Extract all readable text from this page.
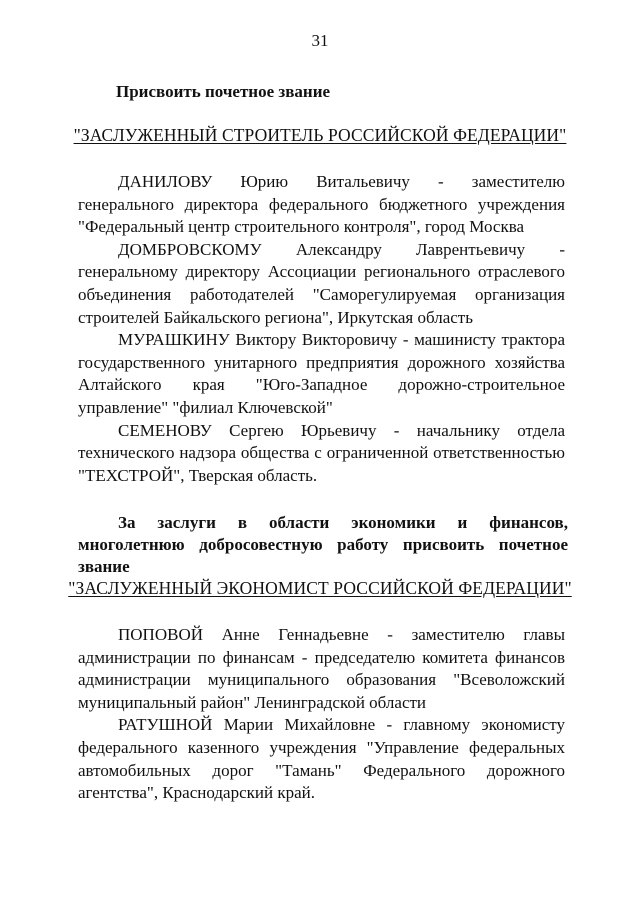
31
Присвоить почетное звание
"ЗАСЛУЖЕННЫЙ СТРОИТЕЛЬ РОССИЙСКОЙ ФЕДЕРАЦИИ"

ДАНИЛОВУ Юрию Витальевичу - заместителю генерального директора федерального бюджетного учреждения "Федеральный центр строительного контроля", город Москва

ДОМБРОВСКОМУ Александру Лаврентьевичу - генеральному директору Ассоциации регионального отраслевого объединения работодателей "Саморегулируемая организация строителей Байкальского региона", Иркутская область

МУРАШКИНУ Виктору Викторовичу - машинисту трактора государственного унитарного предприятия дорожного хозяйства Алтайского края "Юго-Западное дорожно-строительное управление" "филиал Ключевской"

СЕМЕНОВУ Сергею Юрьевичу - начальнику отдела технического надзора общества с ограниченной ответственностью "ТЕХСТРОЙ", Тверская область.

За заслуги в области экономики и финансов, многолетнюю добросовестную работу присвоить почетное звание

"ЗАСЛУЖЕННЫЙ ЭКОНОМИСТ РОССИЙСКОЙ ФЕДЕРАЦИИ"

ПОПОВОЙ Анне Геннадьевне - заместителю главы администрации по финансам - председателю комитета финансов администрации муниципального образования "Всеволожский муниципальный район" Ленинградской области

РАТУШНОЙ Марии Михайловне - главному экономисту федерального казенного учреждения "Управление федеральных автомобильных дорог "Тамань" Федерального дорожного агентства", Краснодарский край.
